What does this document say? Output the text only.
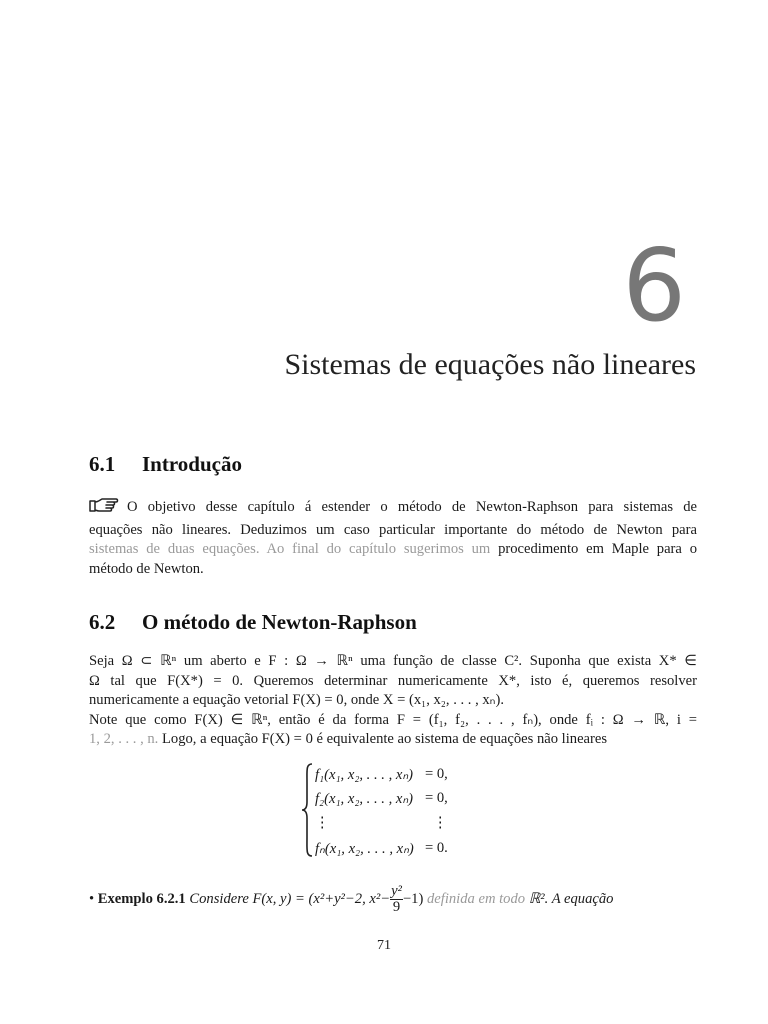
6
Sistemas de equações não lineares
6.1 Introdução
O objetivo desse capítulo á estender o método de Newton-Raphson para sistemas de
equações não lineares. Deduzimos um caso particular importante do método de Newton para
sistemas de duas equações. Ao final do capítulo sugerimos um procedimento em Maple para o
método de Newton.
6.2 O método de Newton-Raphson
Seja Ω ⊂ ℝⁿ um aberto e F : Ω → ℝⁿ uma função de classe C². Suponha que exista X* ∈
Ω tal que F(X*) = 0. Queremos determinar numericamente X*, isto é, queremos resolver
numericamente a equação vetorial F(X) = 0, onde X = (x₁, x₂, . . . , xₙ).
Note que como F(X) ∈ ℝⁿ, então é da forma F = (f₁, f₂, . . . , fₙ), onde fᵢ : Ω → ℝ, i =
1, 2, . . . , n. Logo, a equação F(X) = 0 é equivalente ao sistema de equações não lineares
f₁(x₁, x₂, . . . , xₙ) = 0,
f₂(x₁, x₂, . . . , xₙ) = 0,
⋮	⋮
fₙ(x₁, x₂, . . . , xₙ) = 0.
• Exemplo 6.2.1 Considere F(x, y) = (x²+y²−2, $x^2- \frac{\text{y²}}{9} -1$) definida em todo ℝ². A equação
71
